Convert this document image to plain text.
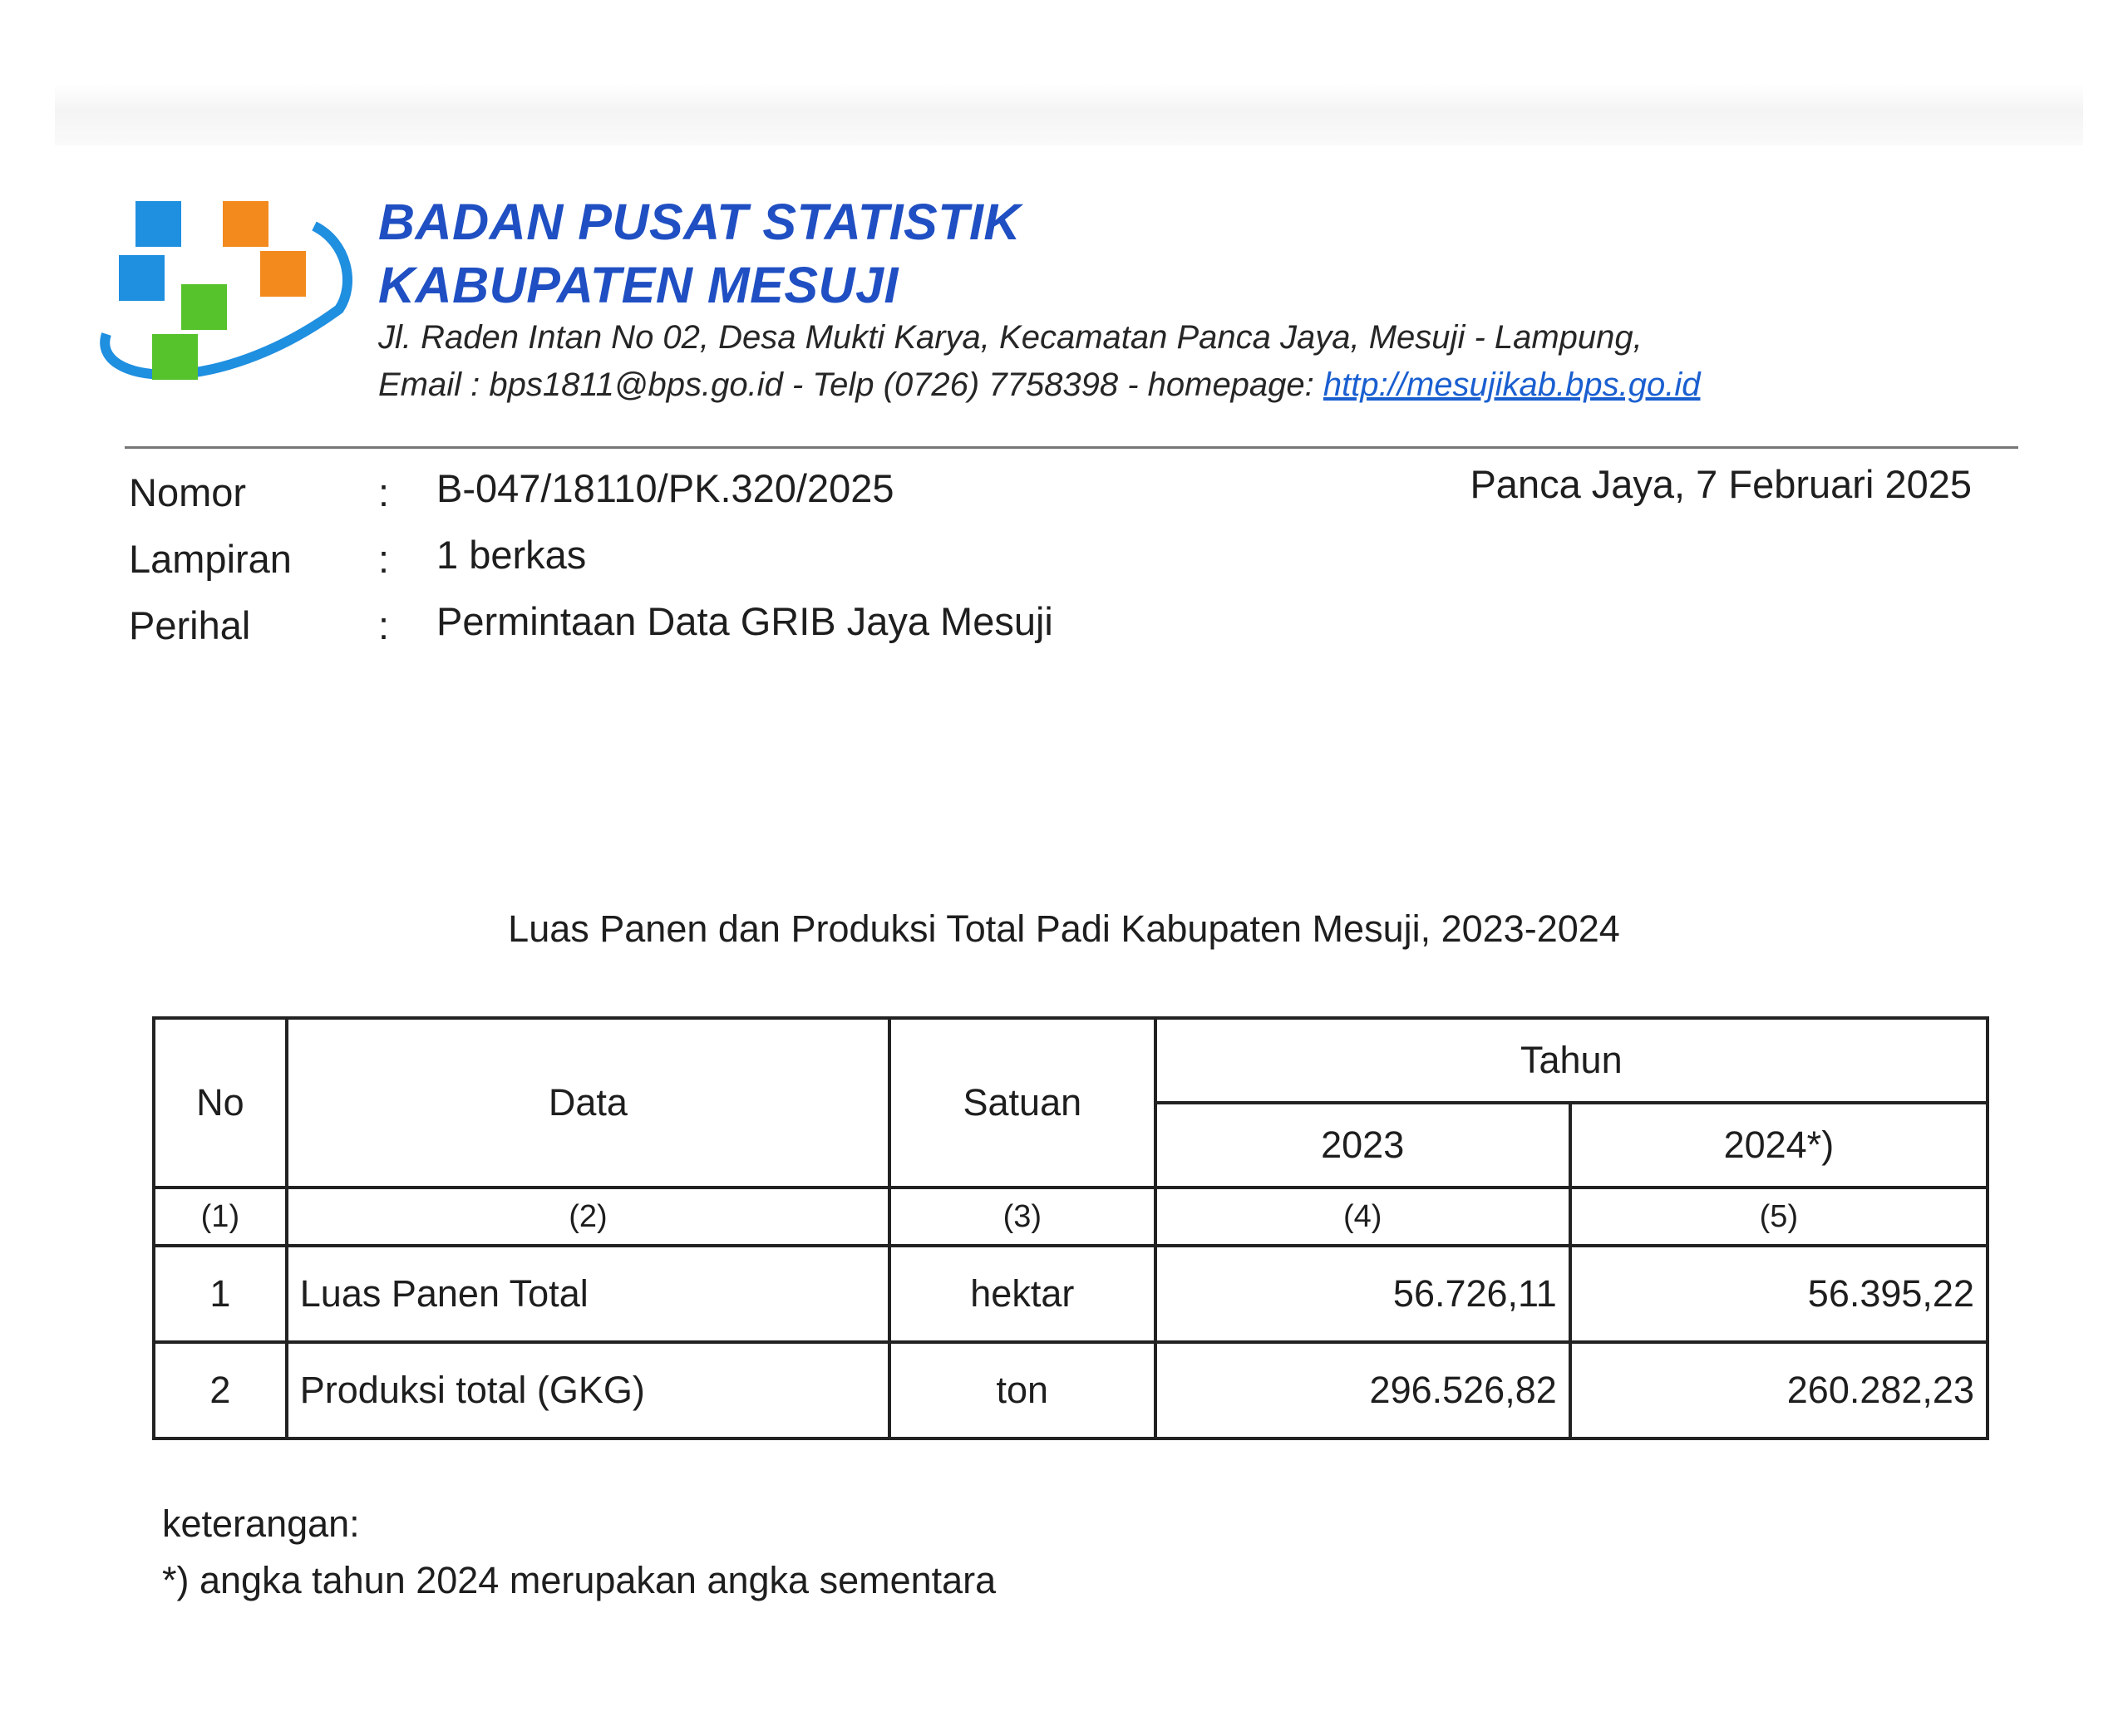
BADAN PUSAT STATISTIK
KABUPATEN MESUJI
Jl. Raden Intan No 02, Desa Mukti Karya, Kecamatan Panca Jaya, Mesuji - Lampung,
Email : bps1811@bps.go.id - Telp (0726) 7758398 - homepage: http://mesujikab.bps.go.id
Panca Jaya, 7 Februari 2025
Nomor	: B-047/18110/PK.320/2025
Lampiran : 1 berkas
Perihal	: Permintaan Data GRIB Jaya Mesuji
Luas Panen dan Produksi Total Padi Kabupaten Mesuji, 2023-2024
No	Data	Satuan	Tahun	
			2023	2024*)
(1)	(2)	(3)	(4)	(5)
1	Luas Panen Total	hektar	56.726,11	56.395,22
2	Produksi total (GKG)	ton	296.526,82	260.282,23
keterangan:
*) angka tahun 2024 merupakan angka sementara
